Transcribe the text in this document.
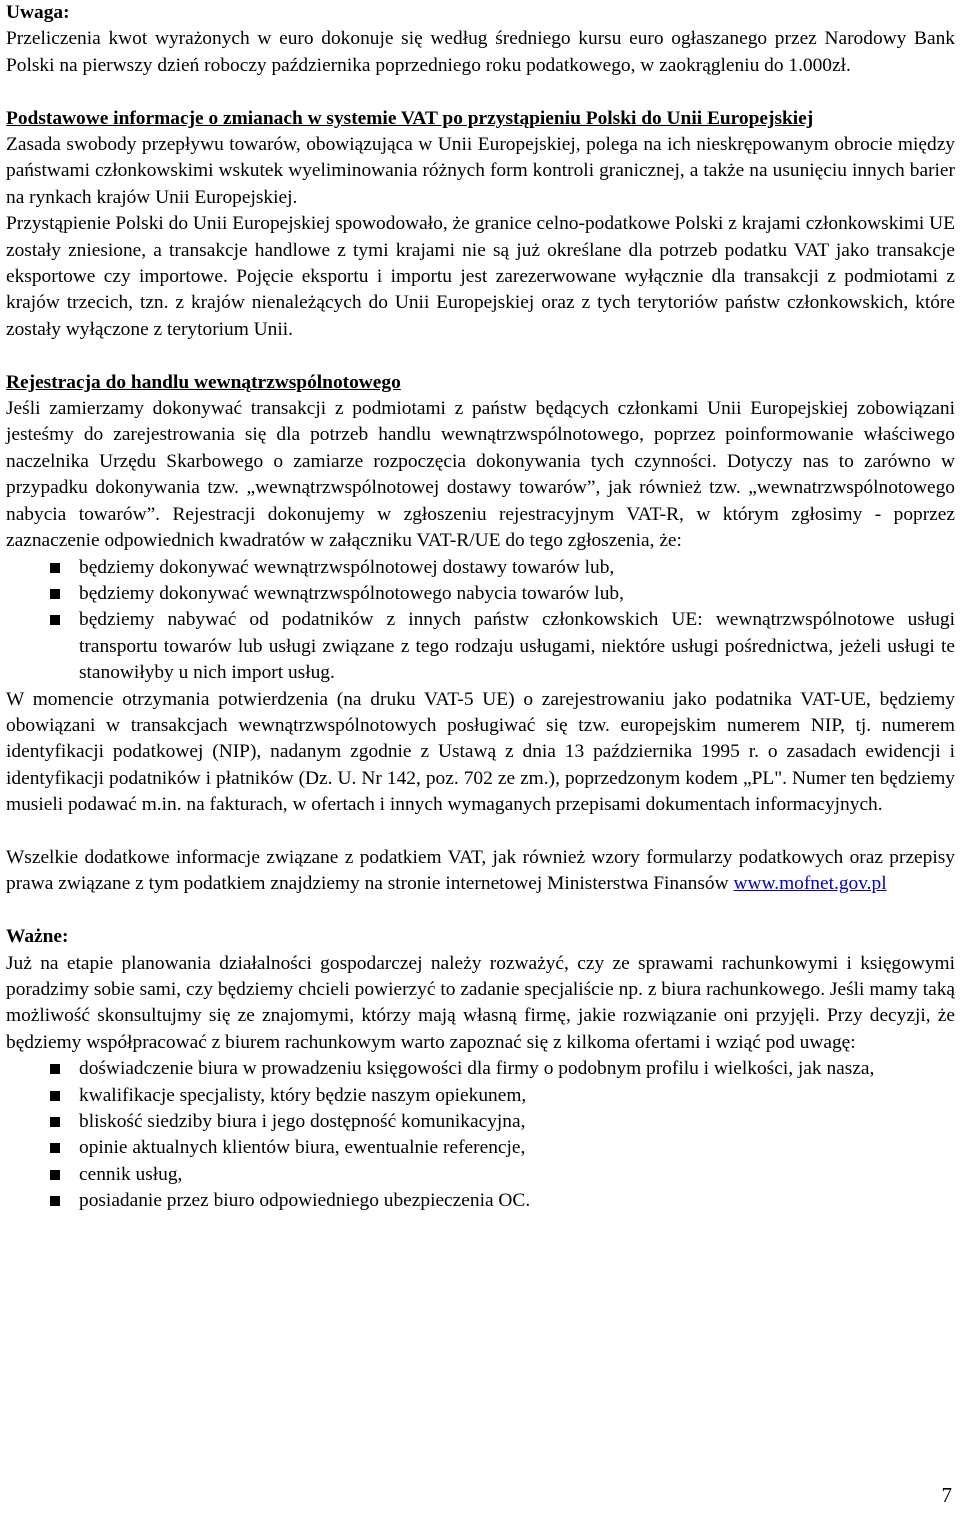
Uwaga:

Przeliczenia kwot wyrażonych w euro dokonuje się według średniego kursu euro ogłaszanego przez Narodowy Bank Polski na pierwszy dzień roboczy października poprzedniego roku podatkowego, w zaokrągleniu do 1.000zł.

Podstawowe informacje o zmianach w systemie VAT po przystąpieniu Polski do Unii Europejskiej

Zasada swobody przepływu towarów, obowiązująca w Unii Europejskiej, polega na ich nieskrępowanym obrocie między państwami członkowskimi wskutek wyeliminowania różnych form kontroli granicznej, a także na usunięciu innych barier na rynkach krajów Unii Europejskiej.

Przystąpienie Polski do Unii Europejskiej spowodowało, że granice celno-podatkowe Polski z krajami członkowskimi UE zostały zniesione, a transakcje handlowe z tymi krajami nie są już określane dla potrzeb podatku VAT jako transakcje eksportowe czy importowe. Pojęcie eksportu i importu jest zarezerwowane wyłącznie dla transakcji z podmiotami z krajów trzecich, tzn. z krajów nienależących do Unii Europejskiej oraz z tych terytoriów państw członkowskich, które zostały wyłączone z terytorium Unii.

Rejestracja do handlu wewnątrzwspólnotowego

Jeśli zamierzamy dokonywać transakcji z podmiotami z państw będących członkami Unii Europejskiej zobowiązani jesteśmy do zarejestrowania się dla potrzeb handlu wewnątrzwspólnotowego, poprzez poinformowanie właściwego naczelnika Urzędu Skarbowego o zamiarze rozpoczęcia dokonywania tych czynności. Dotyczy nas to zarówno w przypadku dokonywania tzw. „wewnątrzwspólnotowej dostawy towarów”, jak również tzw. „wewnatrzwspólnotowego nabycia towarów”. Rejestracji dokonujemy w zgłoszeniu rejestracyjnym VAT-R, w którym zgłosimy - poprzez zaznaczenie odpowiednich kwadratów w załączniku VAT-R/UE do tego zgłoszenia, że:

będziemy dokonywać wewnątrzwspólnotowej dostawy towarów lub,
będziemy dokonywać wewnątrzwspólnotowego nabycia towarów lub,
będziemy nabywać od podatników z innych państw członkowskich UE: wewnątrzwspólnotowe usługi transportu towarów lub usługi związane z tego rodzaju usługami, niektóre usługi pośrednictwa, jeżeli usługi te stanowiłyby u nich import usług.

W momencie otrzymania potwierdzenia (na druku VAT-5 UE) o zarejestrowaniu jako podatnika VAT-UE, będziemy obowiązani w transakcjach wewnątrzwspólnotowych posługiwać się tzw. europejskim numerem NIP, tj. numerem identyfikacji podatkowej (NIP), nadanym zgodnie z Ustawą z dnia 13 października 1995 r. o zasadach ewidencji i identyfikacji podatników i płatników (Dz. U. Nr 142, poz. 702 ze zm.), poprzedzonym kodem „PL". Numer ten będziemy musieli podawać m.in. na fakturach, w ofertach i innych wymaganych przepisami dokumentach informacyjnych.

Wszelkie dodatkowe informacje związane z podatkiem VAT, jak również wzory formularzy podatkowych oraz przepisy prawa związane z tym podatkiem znajdziemy na stronie internetowej Ministerstwa Finansów www.mofnet.gov.pl

Ważne:

Już na etapie planowania działalności gospodarczej należy rozważyć, czy ze sprawami rachunkowymi i księgowymi poradzimy sobie sami, czy będziemy chcieli powierzyć to zadanie specjaliście np. z biura rachunkowego. Jeśli mamy taką możliwość skonsultujmy się ze znajomymi, którzy mają własną firmę, jakie rozwiązanie oni przyjęli. Przy decyzji, że będziemy współpracować z biurem rachunkowym warto zapoznać się z kilkoma ofertami i wziąć pod uwagę:

doświadczenie biura w prowadzeniu księgowości dla firmy o podobnym profilu i wielkości, jak nasza,
kwalifikacje specjalisty, który będzie naszym opiekunem,
bliskość siedziby biura i jego dostępność komunikacyjna,
opinie aktualnych klientów biura, ewentualnie referencje,
cennik usług,
posiadanie przez biuro odpowiedniego ubezpieczenia OC.
7
